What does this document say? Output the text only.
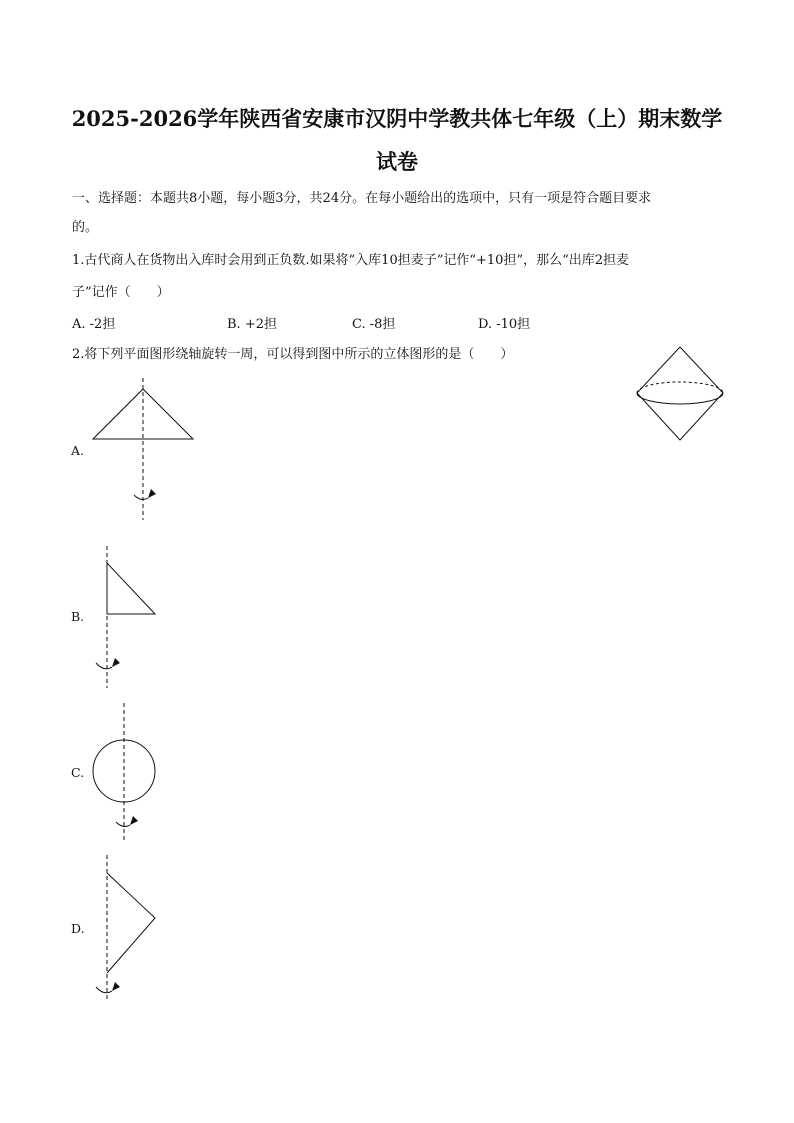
2025-2026学年陕西省安康市汉阴中学教共体七年级（上）期末数学
试卷
一、选择题：本题共8小题，每小题3分，共24分。在每小题给出的选项中，只有一项是符合题目要求
的。
1.古代商人在货物出入库时会用到正负数.如果将“入库10担麦子”记作“+10担”，那么“出库2担麦
子”记作（　　）
A. -2担	B. +2担	C. -8担	D. -10担
2.将下列平面图形绕轴旋转一周，可以得到图中所示的立体图形的是（　　）
A.
B.
C.
D.
